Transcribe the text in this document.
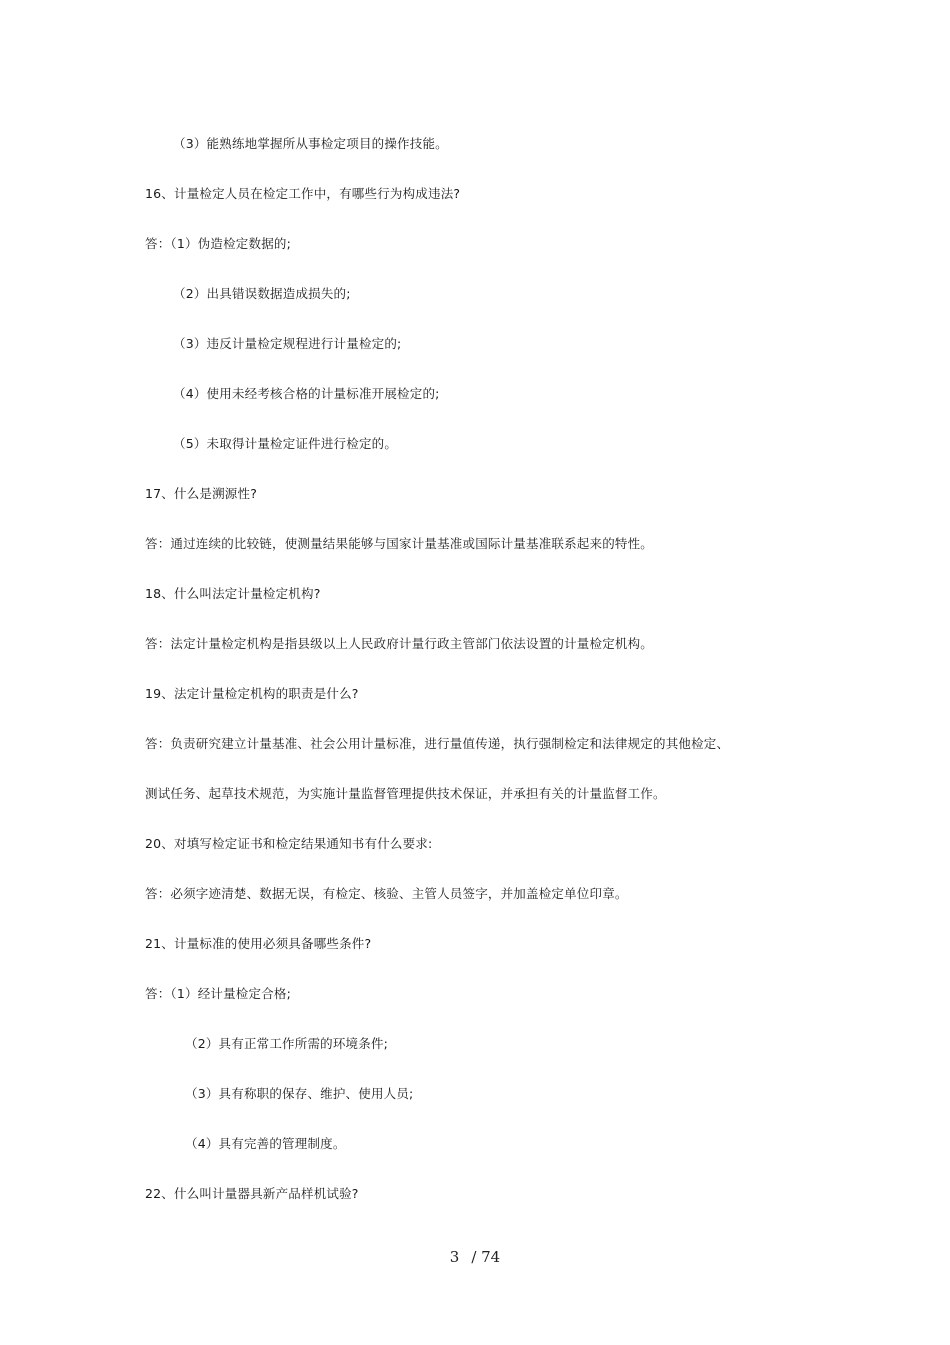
（3）能熟练地掌握所从事检定项目的操作技能。
16、计量检定人员在检定工作中，有哪些行为构成违法?
答：（1）伪造检定数据的;
（2）出具错误数据造成损失的;
（3）违反计量检定规程进行计量检定的;
（4）使用未经考核合格的计量标准开展检定的;
（5）未取得计量检定证件进行检定的。
17、什么是溯源性?
答：通过连续的比较链，使测量结果能够与国家计量基准或国际计量基准联系起来的特性。
18、什么叫法定计量检定机构?
答：法定计量检定机构是指县级以上人民政府计量行政主管部门依法设置的计量检定机构。
19、法定计量检定机构的职责是什么?
答：负责研究建立计量基准、社会公用计量标准，进行量值传递，执行强制检定和法律规定的其他检定、
测试任务、起草技术规范，为实施计量监督管理提供技术保证，并承担有关的计量监督工作。
20、对填写检定证书和检定结果通知书有什么要求:
答：必须字迹清楚、数据无误，有检定、核验、主管人员签字，并加盖检定单位印章。
21、计量标准的使用必须具备哪些条件?
答：（1）经计量检定合格;
（2）具有正常工作所需的环境条件;
（3）具有称职的保存、维护、使用人员;
（4）具有完善的管理制度。
22、什么叫计量器具新产品样机试验?
3 / 74
